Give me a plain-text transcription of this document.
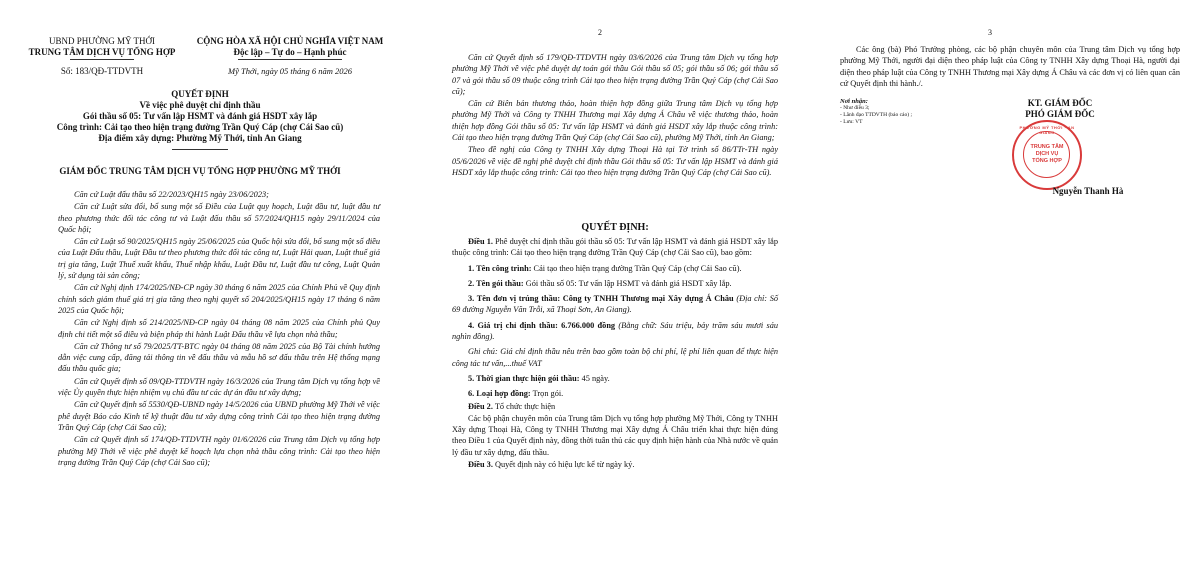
UBND PHƯỜNG MỸ THỚI
TRUNG TÂM DỊCH VỤ TỔNG HỢP
Số: 183/QĐ-TTDVTH
CỘNG HÒA XÃ HỘI CHỦ NGHĨA VIỆT NAM
Độc lập – Tự do – Hạnh phúc
Mỹ Thới, ngày 05 tháng 6 năm 2026
QUYẾT ĐỊNH
Về việc phê duyệt chỉ định thầu
Gói thầu số 05: Tư vấn lập HSMT và đánh giá HSDT xây lắp
Công trình: Cải tạo theo hiện trạng đường Trần Quý Cáp (chợ Cái Sao cũ)
Địa điểm xây dựng: Phường Mỹ Thới, tỉnh An Giang
GIÁM ĐỐC TRUNG TÂM DỊCH VỤ TỔNG HỢP PHƯỜNG MỸ THỚI

Căn cứ Luật đấu thầu số 22/2023/QH15 ngày 23/06/2023;

Căn cứ Luật sửa đổi, bổ sung một số Điều của Luật quy hoạch, Luật đầu tư, luật đầu tư theo phương thức đối tác công tư và Luật đấu thầu số 57/2024/QH15 ngày 29/11/2024 của Quốc hội;

Căn cứ Luật số 90/2025/QH15 ngày 25/06/2025 của Quốc hội sửa đổi, bổ sung một số điều của Luật Đấu thầu, Luật Đầu tư theo phương thức đối tác công tư, Luật Hải quan, Luật thuế giá trị gia tăng, Luật Thuế xuất khẩu, Thuế nhập khẩu, Luật Đầu tư, Luật đầu tư công, Luật Quản lý, sử dụng tài sản công;

Căn cứ Nghị định 174/2025/NĐ-CP ngày 30 tháng 6 năm 2025 của Chính Phủ về Quy định chính sách giảm thuế giá trị gia tăng theo nghị quyết số 204/2025/QH15 ngày 17 tháng 6 năm 2025 của Quốc hội;

Căn cứ Nghị định số 214/2025/NĐ-CP ngày 04 tháng 08 năm 2025 của Chính phủ Quy định chi tiết một số điều và biện pháp thi hành Luật Đấu thầu về lựa chọn nhà thầu;

Căn cứ Thông tư số 79/2025/TT-BTC ngày 04 tháng 08 năm 2025 của Bộ Tài chính hướng dẫn việc cung cấp, đăng tải thông tin về đấu thầu và mẫu hồ sơ đấu thầu trên Hệ thống mạng đấu thầu quốc gia;

Căn cứ Quyết định số 09/QĐ-TTDVTH ngày 16/3/2026 của Trung tâm Dịch vụ tổng hợp về việc Ủy quyền thực hiện nhiệm vụ chủ đầu tư các dự án đầu tư xây dựng;

Căn cứ Quyết định số 5530/QĐ-UBND ngày 14/5/2026 của UBND phường Mỹ Thới về việc phê duyệt Báo cáo Kinh tế kỹ thuật đầu tư xây dựng công trình Cải tạo theo hiện trạng đường Trần Quý Cáp (chợ Cái Sao cũ);

Căn cứ Quyết định số 174/QĐ-TTDVTH ngày 01/6/2026 của Trung tâm Dịch vụ tổng hợp phường Mỹ Thới về việc phê duyệt kế hoạch lựa chọn nhà thầu công trình: Cải tạo theo hiện trạng đường Trần Quý Cáp (chợ Cái Sao cũ);

2

Căn cứ Quyết định số 179/QĐ-TTDVTH ngày 03/6/2026 của Trung tâm Dịch vụ tổng hợp phường Mỹ Thới về việc phê duyệt dự toán gói thầu Gói thầu số 05; gói thầu số 06; gói thầu số 07 và gói thầu số 09 thuộc công trình Cải tạo theo hiện trạng đường Trần Quý Cáp (chợ Cái Sao cũ);

Căn cứ Biên bản thương thảo, hoàn thiện hợp đồng giữa Trung tâm Dịch vụ tổng hợp phường Mỹ Thới và Công ty TNHH Thương mại Xây dựng Á Châu về việc thương thảo, hoàn thiện hợp đồng Gói thầu số 05: Tư vấn lập HSMT và đánh giá HSDT xây lắp thuộc công trình: Cải tạo theo hiện trạng đường Trần Quý Cáp (chợ Cái Sao cũ), phường Mỹ Thới, tỉnh An Giang;

Theo đề nghị của Công ty TNHH Xây dựng Thoại Hà tại Tờ trình số 86/TTr-TH ngày 05/6/2026 về việc đề nghị phê duyệt chỉ định thầu Gói thầu số 05: Tư vấn lập HSMT và đánh giá HSDT xây lắp thuộc công trình: Cải tạo theo hiện trạng đường Trần Quý Cáp (chợ Cái Sao cũ).

QUYẾT ĐỊNH:

Điều 1. Phê duyệt chỉ định thầu gói thầu số 05: Tư vấn lập HSMT và đánh giá HSDT xây lắp thuộc công trình: Cải tạo theo hiện trạng đường Trần Quý Cáp (chợ Cái Sao cũ), bao gồm:

1. Tên công trình: Cải tạo theo hiện trạng đường Trần Quý Cáp (chợ Cái Sao cũ).

2. Tên gói thầu: Gói thầu số 05: Tư vấn lập HSMT và đánh giá HSDT xây lắp.

3. Tên đơn vị trúng thầu: Công ty TNHH Thương mại Xây dựng Á Châu (Địa chỉ: Số 69 đường Nguyễn Văn Trỗi, xã Thoại Sơn, An Giang).

4. Giá trị chỉ định thầu: 6.766.000 đồng (Bằng chữ: Sáu triệu, bảy trăm sáu mươi sáu nghìn đồng).

Ghi chú: Giá chỉ định thầu nêu trên bao gồm toàn bộ chi phí, lệ phí liên quan để thực hiện công tác tư vấn,...thuế VAT

5. Thời gian thực hiện gói thầu: 45 ngày.

6. Loại hợp đồng: Trọn gói.

Điều 2. Tổ chức thực hiện

Các bộ phận chuyên môn của Trung tâm Dịch vụ tổng hợp phường Mỹ Thới, Công ty TNHH Xây dựng Thoại Hà, Công ty TNHH Thương mại Xây dựng Á Châu triển khai thực hiện đúng theo Điều 1 của Quyết định này, đồng thời tuân thủ các quy định hiện hành của Nhà nước về quản lý đầu tư xây dựng, đấu thầu.

Điều 3. Quyết định này có hiệu lực kể từ ngày ký.

3

Các ông (bà) Phó Trưởng phòng, các bộ phận chuyên môn của Trung tâm Dịch vụ tổng hợp phường Mỹ Thới, người đại diện theo pháp luật của Công ty TNHH Xây dựng Thoại Hà, người đại diện theo pháp luật của Công ty TNHH Thương mại Xây dựng Á Châu và các đơn vị có liên quan căn cứ Quyết định thi hành./.

Nơi nhận:
- Như điều 3;
- Lãnh đạo TTDVTH (báo cáo) ;
- Lưu: VT
KT. GIÁM ĐỐC
PHÓ GIÁM ĐỐC
PHƯỜNG MỸ THỚI · AN GIANG
TRUNG TÂM
DỊCH VỤ
TỔNG HỢP
Nguyễn Thanh Hà
